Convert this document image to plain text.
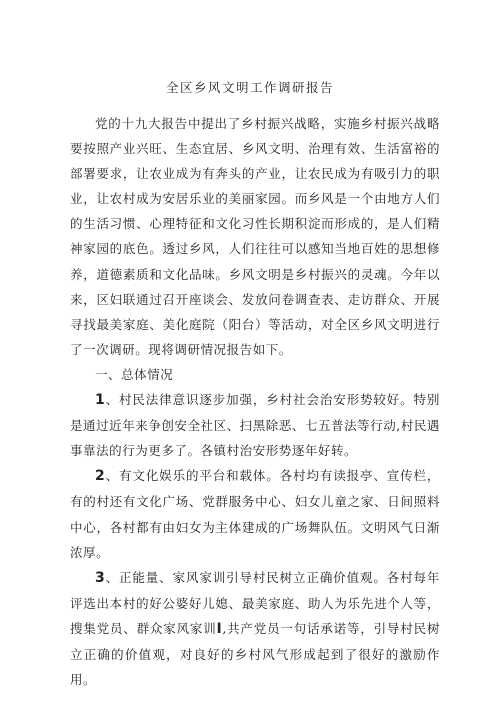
全区乡风文明工作调研报告

党的十九大报告中提出了乡村振兴战略，实施乡村振兴战略要按照产业兴旺、生态宜居、乡风文明、治理有效、生活富裕的部署要求，让农业成为有奔头的产业，让农民成为有吸引力的职业，让农村成为安居乐业的美丽家园。而乡风是一个由地方人们的生活习惯、心理特征和文化习性长期积淀而形成的，是人们精神家园的底色。透过乡风，人们往往可以感知当地百姓的思想修养，道德素质和文化品味。乡风文明是乡村振兴的灵魂。今年以来，区妇联通过召开座谈会、发放问卷调查表、走访群众、开展寻找最美家庭、美化庭院（阳台）等活动，对全区乡风文明进行了一次调研。现将调研情况报告如下。

一、总体情况

1、村民法律意识逐步加强，乡村社会治安形势较好。特别是通过近年来争创安全社区、扫黑除恶、七五普法等行动,村民遇事靠法的行为更多了。各镇村治安形势逐年好转。

2、有文化娱乐的平台和载体。各村均有读报亭、宣传栏，有的村还有文化广场、党群服务中心、妇女儿童之家、日间照料中心，各村都有由妇女为主体建成的广场舞队伍。文明风气日渐浓厚。

3、正能量、家风家训引导村民树立正确价值观。各村每年评选出本村的好公婆好儿媳、最美家庭、助人为乐先进个人等，搜集党员、群众家风家训I,共产党员一句话承诺等，引导村民树立正确的价值观，对良好的乡村风气形成起到了很好的激励作用。
